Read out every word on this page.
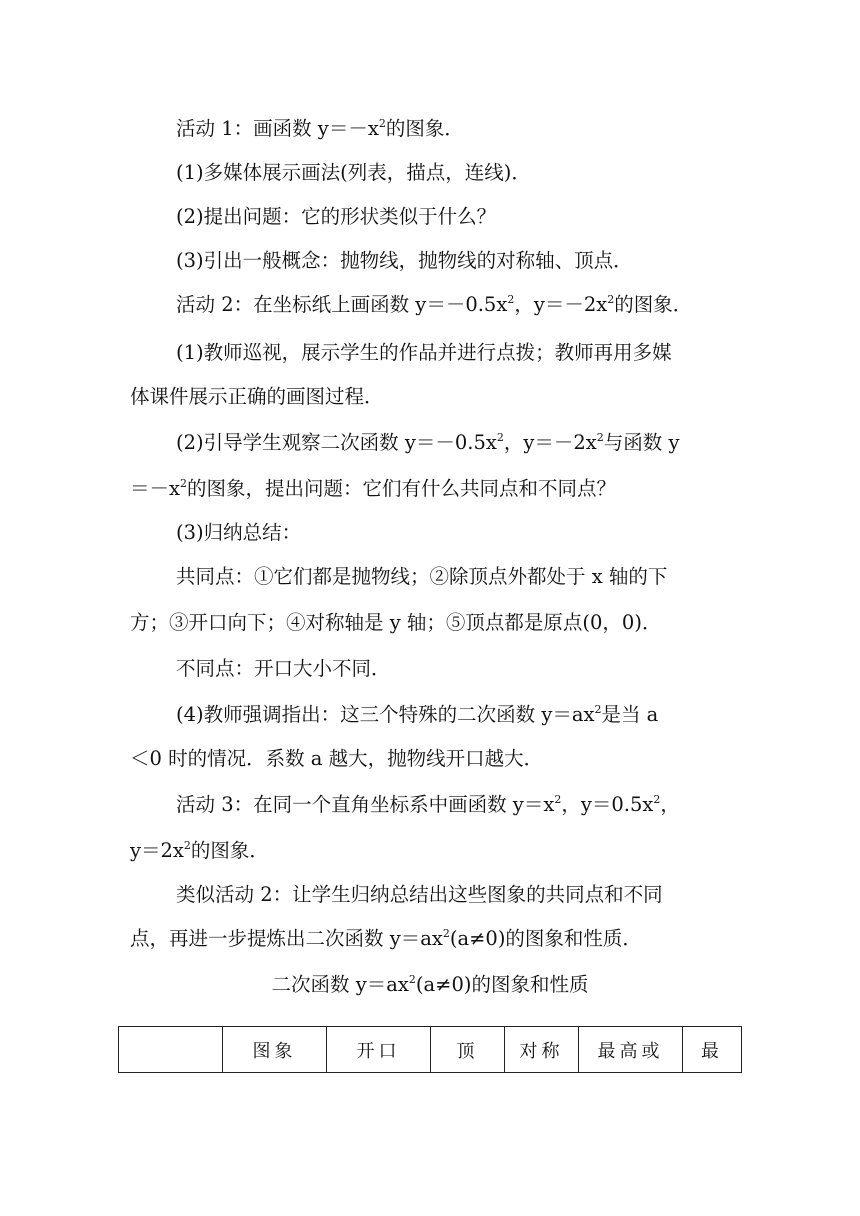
活动 1：画函数 $y=-x^2$的图象．
(1)多媒体展示画法(列表，描点，连线)．
(2)提出问题：它的形状类似于什么？
(3)引出一般概念：抛物线，抛物线的对称轴、顶点．
活动 2：在坐标纸上画函数 $y=-0.5x^2$，$y=-2x^2$的图象．
(1)教师巡视，展示学生的作品并进行点拨；教师再用多媒
体课件展示正确的画图过程．
(2)引导学生观察二次函数 $y=-0.5x^2$，$y=-2x^2$与函数 y
$=-x^2$的图象，提出问题：它们有什么共同点和不同点？
(3)归纳总结：
共同点：①它们都是抛物线；②除顶点外都处于 x 轴的下
方；③开口向下；④对称轴是 y 轴；⑤顶点都是原点(0，0)．
不同点：开口大小不同．
(4)教师强调指出：这三个特殊的二次函数 $y=ax^2$是当 a
＜0 时的情况．系数 a 越大，抛物线开口越大．
活动 3：在同一个直角坐标系中画函数 $y=x^2$，$y=0.5x^2$，
$y=2x^2$的图象．
类似活动 2：让学生归纳总结出这些图象的共同点和不同
点，再进一步提炼出二次函数 $y=ax^2(a\ne 0)$的图象和性质．
二次函数 $y=ax^2(a\ne 0)$的图象和性质
	图象	开口	顶	对称	最高或	最
